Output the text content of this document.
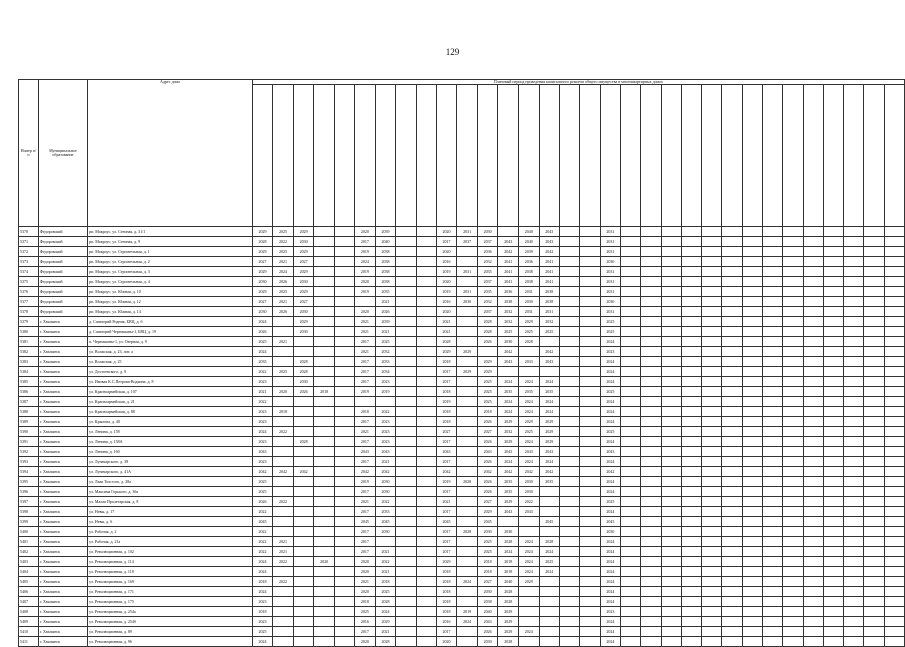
129
Номер п/п	Муниципальное образование	Адрес дома	Плановый период проведения капитального ремонта общего имущества в многоквартирных домах																															

5370	Федоровский	рп. Мокроус, ул. Степная, д. 31/1	2029	2025	2029			2020	2039			2020	2031	2030		2040	2043			2031														
5371	Федоровский	рп. Мокроус, ул. Степная, д. 9	2028	2022	2030			2017	2040			2017	2037	2037	2043	2040	2043			2031														
5372	Федоровский	рп. Мокроус, ул. Строительная, д. 1	2029	2025	2029			2019	2038			2020		2036	2042	2039	2042			2031														
5373	Федоровский	рп. Мокроус, ул. Строительная, д. 2	2027	2021	2027			2024	2038			2016		2032	2041	2036	2041			2030														
5374	Федоровский	рп. Мокроус, ул. Строительная, д. 3	2029	2024	2029			2019	2038			2019	2031	2035	2041	2038	2041			2031														
5375	Федоровский	рп. Мокроус, ул. Строительная, д. 4	2030	2026	2030			2020	2038			2020		2037	2041	2038	2041			2031														
5376	Федоровский	рп. Мокроус, ул. Южная, д. 10	2029	2025	2029			2019	2035			2019	2031	2035	2036	2031	2038			2031														
5377	Федоровский	рп. Мокроус, ул. Южная, д. 12	2027	2021	2027				2021			2016	2030	2032	2038	2030	2038			2030														
5378	Федоровский	рп. Мокроус, ул. Южная, д. 14	2030	2026	2030			2020	2026			2020		2037	2032	2031	2031			2031														
5379	г. Хвалынск	д. Санаторий Родник, БВЦ, д. 6	2024		2029			2021	2039			2021		2028	2032	2029	2032			2025														
5380	г. Хвалынск	д. Санаторий Черемшаны-1, БВЦ, д. 19	2026		2030			2021	2021			2021		2028	2025	2025	2025			2025														
5381	г. Хвалынск	п. Черемшаны-1, ул. Озерная, д. 9	2025	2021				2017	2025			2028		2026	2030	2028				2024														
5382	г. Хвалынск	ул. Волжская, д. 23, лит. а	2024					2021	2032			2029	2029		2042		2042			2023														
5383	г. Хвалынск	ул. Волжская, д. 25	2035		2028			2017	2033			2018		2029	2043	2033	2043			2024														
5384	г. Хвалынск	ул. Достоевского, д. 9	2022	2025	2028			2017	2034			2017	2029	2029						2024														
5385	г. Хвалынск	ул. Ивовая К.С.Петрова-Водкина, д. 8	2023		2030			2017	2023			2017		2025	2024	2024	2024			2024														
5386	г. Хвалынск	ул. Красноармейская, д. 107	2021	2020	2026	2018		2019	2019			2018		2025	2035	2035	2035			2025														
5387	г. Хвалынск	ул. Красноармейская, д. 21	2022									2019		2025	2024	2024	2024			2024														
5388	г. Хвалынск	ул. Красноармейская, д. 88	2023	2018				2018	2022			2018		2018	2024	2024	2024			2024														
5389	г. Хвалынск	ул. Крылова, д. 40	2023					2017	2023			2018		2026	2029	2029	2029			2024														
5390	г. Хвалынск	ул. Ленина, д. 158	2024	2022				2021	2023			2027		2027	2032	2025	2029			2025														
5391	г. Хвалынск	ул. Ленина, д. 158А	2023		2028			2017	2023			2017		2026	2029	2024	2029			2024														
5392	г. Хвалынск	ул. Ленина, д. 160	2043					2043	2043			2043		2043	2043	2043	2043			2043														
5393	г. Хвалынск	ул. Луначарского, д. 38	2023					2017	2021			2017		2026	2024	2024	2024			2024														
5394	г. Хвалынск	ул. Луначарского, д. 41А	2042	2042	2042			2042	2042			2042		2042	2042	2042	2042			2042														
5395	г. Хвалынск	ул. Льва Толстого, д. 28а	2025					2019	2030			2019	2028	2026	2035	2030	2035			2024														
5396	г. Хвалынск	ул. Максима Горького, д. 36а	2025					2017	2030			2017		2026	2035	2030				2024														
5397	г. Хвалынск	ул. Малая Пролетарская, д. 8	2026	2022				2021	2022			2021		2027	2029	2022				2025														
5398	г. Хвалынск	ул. Невы, д. 17	2022					2017	2033			2017		2029	2043	2043				2024														
5399	г. Хвалынск	ул. Невы, д. 6	2045					2045	2045			2045		2045			2045			2045														
5400	г. Хвалынск	ул. Рабочая, д. 2	2022					2017	2030			2017	2028	2030	2030					2030														
5401	г. Хвалынск	ул. Рабочая, д. 21а	2022	2021				2017				2017		2025	2028	2024	2028			2024														
5402	г. Хвалынск	ул. Революционная, д. 102	2022	2021				2017	2021			2017		2025	2024	2024	2024			2024														
5403	г. Хвалынск	ул. Революционная, д. 114	2024	2022		2020		2020	2022			2029		2018	2018	2024	2025			2024														
5404	г. Хвалынск	ул. Революционная, д. 118	2024					2020	2021			2018		2018	2018	2024	2024			2024														
5405	г. Хвалынск	ул. Революционная, д. 169	2018	2022				2021	2018			2018	2024	2027	2040	2029				2024														
5406	г. Хвалынск	ул. Революционная, д. 171	2024					2020	2025			2018		2030	2028					2024														
5407	г. Хвалынск	ул. Революционная, д. 175	2023					2018	2028			2018		2038	2028					2024														
5408	г. Хвалынск	ул. Революционная, д. 254а	2018					2025	2024			2018	2019	2040	2029					2023														
5409	г. Хвалынск	ул. Революционная, д. 254б	2023					2016	2029			2016	2024	2043	2029					2024														
5410	г. Хвалынск	ул. Революционная, д. 89	2025					2017	2021			2017		2026	2029	2024				2024														
5411	г. Хвалынск	ул. Революционная, д. 96	2024					2020	2028			2020		2030	2028					2024														
